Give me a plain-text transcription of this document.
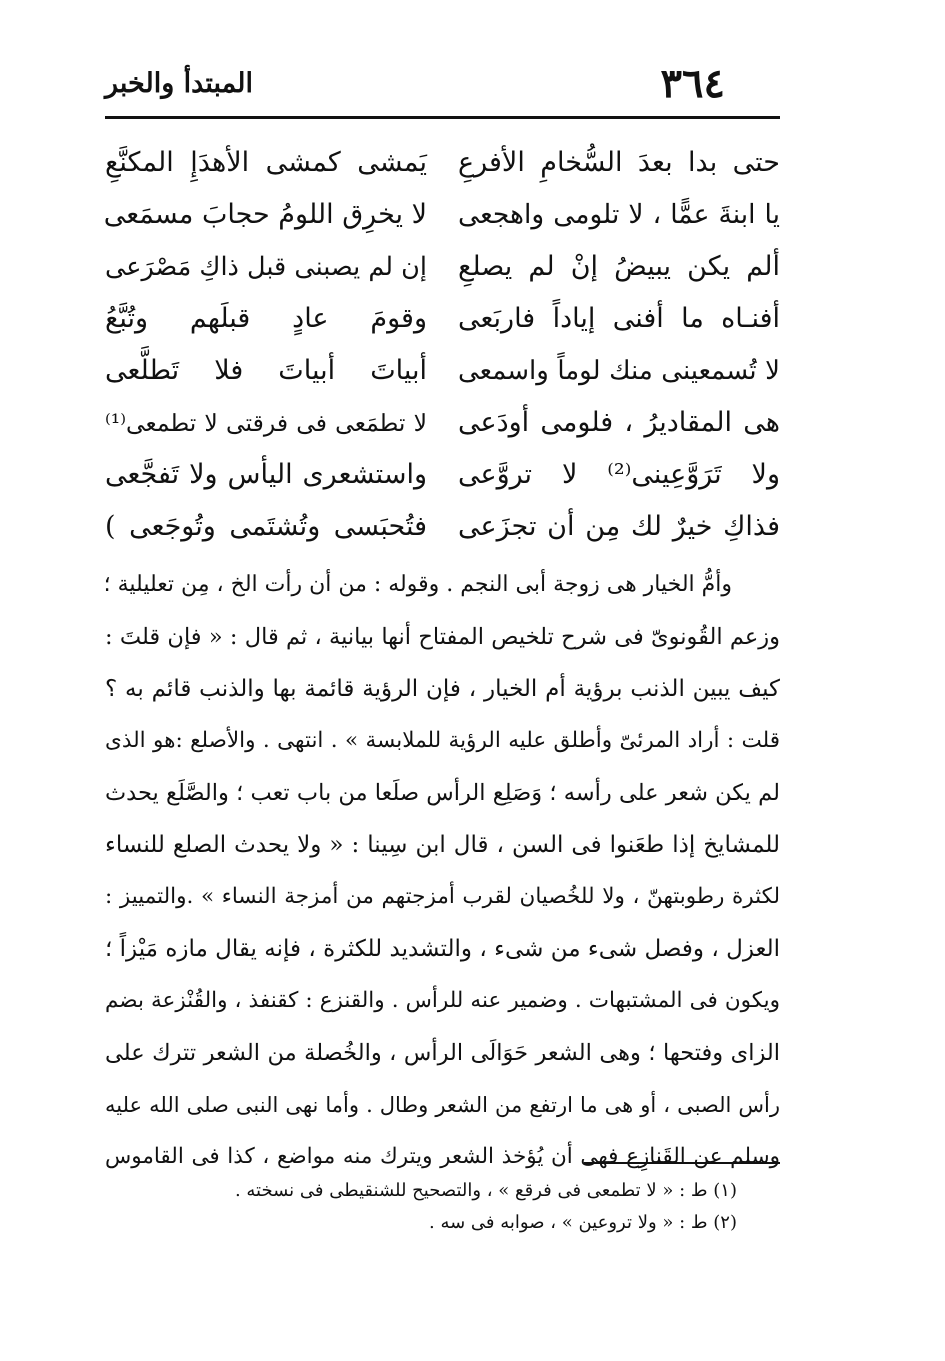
٣٦٤
المبتدأ والخبر
حتى بدا بعدَ السُّخامِ الأفرعِ
يَمشى كمشى الأهدَإِ المكنَّعِ
يا ابنةَ عمًّا ، لا تلومى واهجعى
لا يخرِق اللومُ حجابَ مسمَعى
ألم يكن يبيضُ إنْ لم يصلعِ
إن لم يصبنى قبل ذاكِ مَصْرَعى
أفنـاه ما أفنى إياداً فاربَعى
وقومَ عادٍ قبلَهم وتُبَّعُ
لا تُسمعينى منك لوماً واسمعى
أبياتَ أبياتَ فلا تَطلَّعى
هى المقاديرُ ، فلومى أودَعى
لا تطمَعى فى فرقتى لا تطمعى⁽¹⁾
ولا تَرَوَّعِينى⁽²⁾ لا تروَّعى
واستشعرى اليأس ولا تَفجَّعى
فذاكِ خيرٌ لك مِن أن تجزَعى
فتُحبَسى وتُشتَمى وتُوجَعى )
وأمُّ الخيار هى زوجة أبى النجم . وقوله : من أن رأت الخ ، مِن تعليلية ؛
وزعم القُونوىّ فى شرح تلخيص المفتاح أنها بيانية ، ثم قال : « فإن قلتَ :
كيف يبين الذنب برؤية أم الخيار ، فإن الرؤية قائمة بها والذنب قائم به ؟
قلت : أراد المرئىّ وأطلق عليه الرؤية للملابسة » . انتهى . والأصلع :هو الذى
لم يكن شعر على رأسه ؛ وَصَلِع الرأس صلَعا من باب تعب ؛ والصَّلَع يحدث
للمشايخ إذا طعَنوا فى السن ، قال ابن سِينا : « ولا يحدث الصلع للنساء
لكثرة رطوبتهنّ ، ولا للخُصيان لقرب أمزجتهم من أمزجة النساء » .والتمييز :
العزل ، وفصل شىء من شىء ، والتشديد للكثرة ، فإنه يقال مازه مَيْزاً ؛
ويكون فى المشتبهات . وضمير عنه للرأس . والقنزع : كقنفذ ، والقُنْزعة بضم
الزاى وفتحها ؛ وهى الشعر حَوَالَى الرأس ، والخُصلة من الشعر تترك على
رأس الصبى ، أو هى ما ارتفع من الشعر وطال . وأما نهى النبى صلى الله عليه
وسلم عن القَنازِع فهى أن يُؤخذ الشعر ويترك منه مواضع ، كذا فى القاموس
(١) ط : « لا تطمعى فى فرقع » ، والتصحيح للشنقيطى فى نسخته .
(٢) ط : « ولا تروعين » ، صوابه فى سه .
